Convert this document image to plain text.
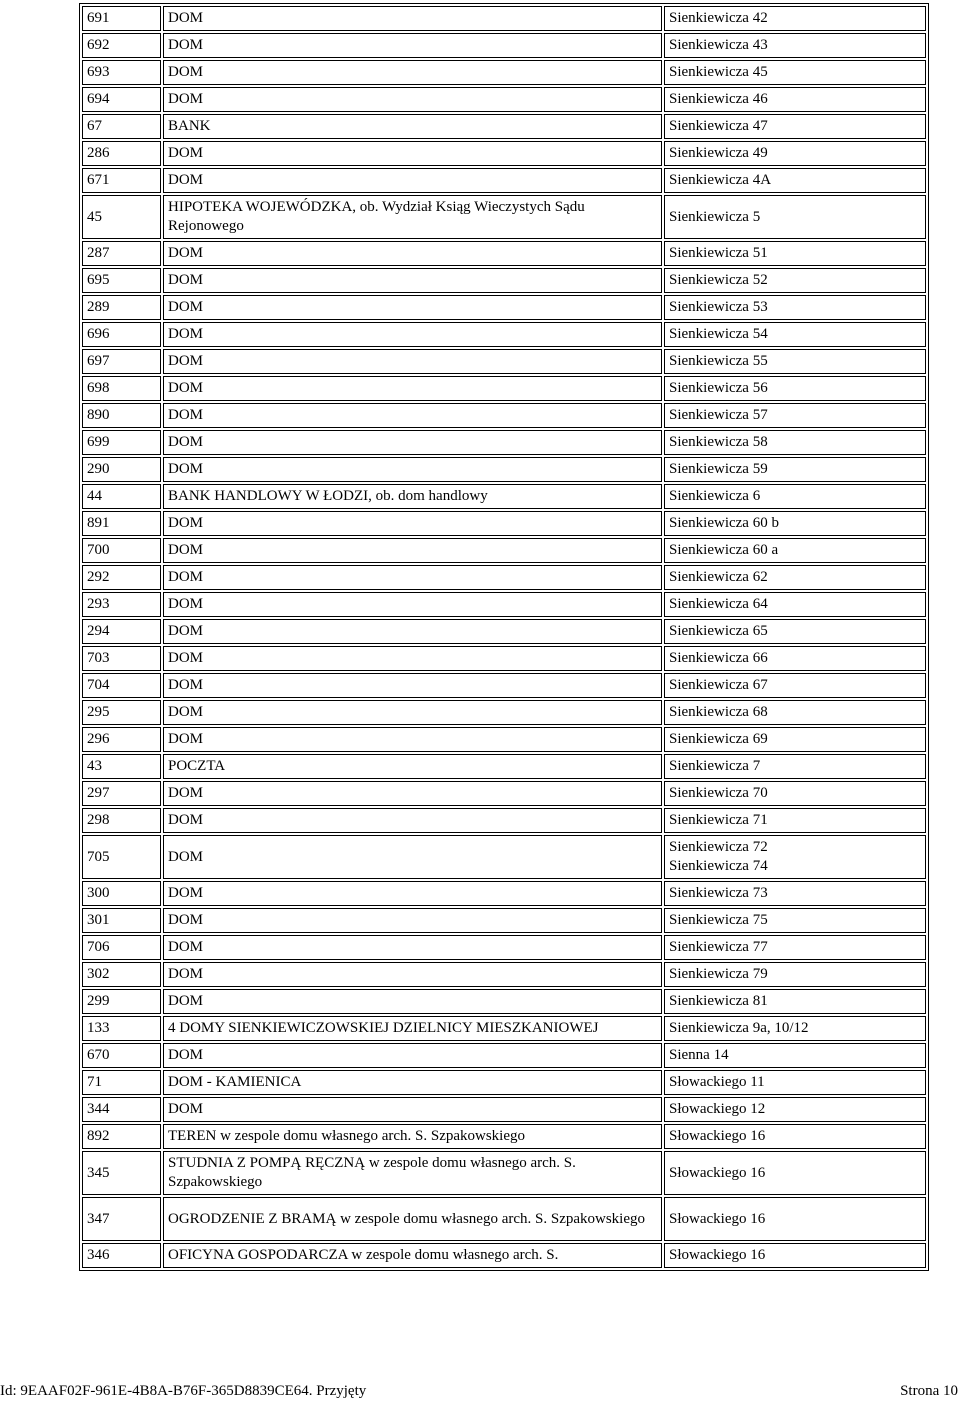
691	DOM	Sienkiewicza 42
692	DOM	Sienkiewicza 43
693	DOM	Sienkiewicza 45
694	DOM	Sienkiewicza 46
67	BANK	Sienkiewicza 47
286	DOM	Sienkiewicza 49
671	DOM	Sienkiewicza 4A
45	HIPOTEKA WOJEWÓDZKA, ob. Wydział Ksiąg Wieczystych Sądu Rejonowego	Sienkiewicza 5
287	DOM	Sienkiewicza 51
695	DOM	Sienkiewicza 52
289	DOM	Sienkiewicza 53
696	DOM	Sienkiewicza 54
697	DOM	Sienkiewicza 55
698	DOM	Sienkiewicza 56
890	DOM	Sienkiewicza 57
699	DOM	Sienkiewicza 58
290	DOM	Sienkiewicza 59
44	BANK HANDLOWY W ŁODZI, ob. dom handlowy	Sienkiewicza 6
891	DOM	Sienkiewicza 60 b
700	DOM	Sienkiewicza 60 a
292	DOM	Sienkiewicza 62
293	DOM	Sienkiewicza 64
294	DOM	Sienkiewicza 65
703	DOM	Sienkiewicza 66
704	DOM	Sienkiewicza 67
295	DOM	Sienkiewicza 68
296	DOM	Sienkiewicza 69
43	POCZTA	Sienkiewicza 7
297	DOM	Sienkiewicza 70
298	DOM	Sienkiewicza 71
705	DOM	Sienkiewicza 72
Sienkiewicza 74
300	DOM	Sienkiewicza 73
301	DOM	Sienkiewicza 75
706	DOM	Sienkiewicza 77
302	DOM	Sienkiewicza 79
299	DOM	Sienkiewicza 81
133	4 DOMY SIENKIEWICZOWSKIEJ DZIELNICY MIESZKANIOWEJ	Sienkiewicza 9a, 10/12
670	DOM	Sienna 14
71	DOM - KAMIENICA	Słowackiego 11
344	DOM	Słowackiego 12
892	TEREN w zespole domu własnego arch. S. Szpakowskiego	Słowackiego 16
345	STUDNIA Z POMPĄ RĘCZNĄ w zespole domu własnego arch. S. Szpakowskiego	Słowackiego 16
347	OGRODZENIE Z BRAMĄ w zespole domu własnego arch. S. Szpakowskiego	Słowackiego 16
346	OFICYNA GOSPODARCZA w zespole domu własnego arch. S.	Słowackiego 16
Id: 9EAAF02F-961E-4B8A-B76F-365D8839CE64. Przyjęty	Strona 10
